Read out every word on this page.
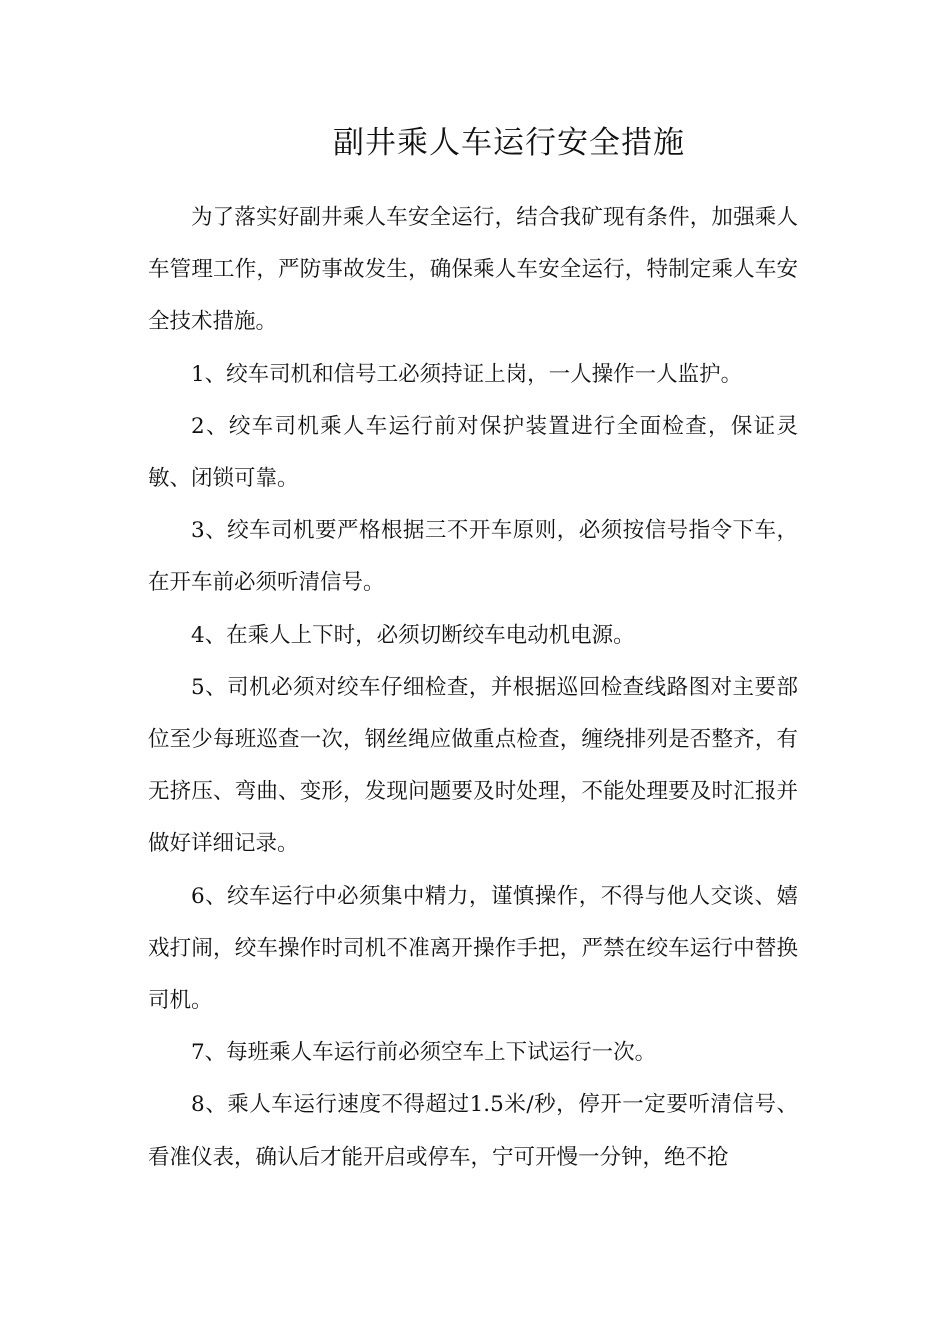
副井乘人车运行安全措施

为了落实好副井乘人车安全运行，结合我矿现有条件，加强乘人车管理工作，严防事故发生，确保乘人车安全运行，特制定乘人车安全技术措施。

1、绞车司机和信号工必须持证上岗，一人操作一人监护。

2、绞车司机乘人车运行前对保护装置进行全面检查，保证灵敏、闭锁可靠。

3、绞车司机要严格根据三不开车原则，必须按信号指令下车，在开车前必须听清信号。

4、在乘人上下时，必须切断绞车电动机电源。

5、司机必须对绞车仔细检查，并根据巡回检查线路图对主要部位至少每班巡查一次，钢丝绳应做重点检查，缠绕排列是否整齐，有无挤压、弯曲、变形，发现问题要及时处理，不能处理要及时汇报并做好详细记录。

6、绞车运行中必须集中精力，谨慎操作，不得与他人交谈、嬉戏打闹，绞车操作时司机不准离开操作手把，严禁在绞车运行中替换司机。

7、每班乘人车运行前必须空车上下试运行一次。

8、乘人车运行速度不得超过1.5米/秒，停开一定要听清信号、看准仪表，确认后才能开启或停车，宁可开慢一分钟，绝不抢
